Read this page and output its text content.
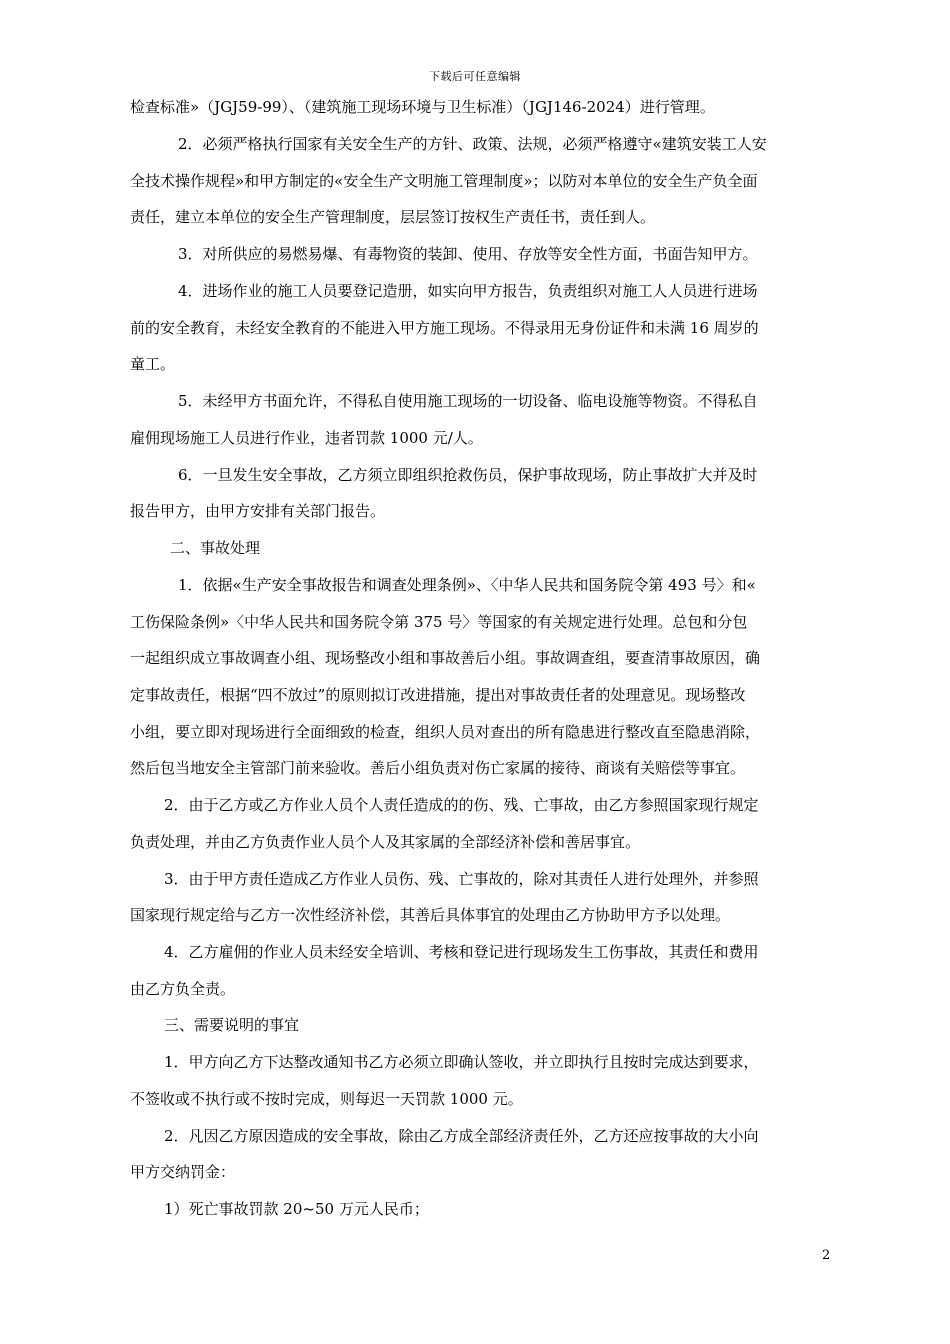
下载后可任意编辑
检查标准»（JGJ59-99）、（建筑施工现场环境与卫生标准）（JGJ146-2024）进行管理。
2．必须严格执行国家有关安全生产的方针、政策、法规，必须严格遵守«建筑安装工人安
全技术操作规程»和甲方制定的«安全生产文明施工管理制度»；以防对本单位的安全生产负全面
责任，建立本单位的安全生产管理制度，层层签订按权生产责任书，责任到人。
3．对所供应的易燃易爆、有毒物资的装卸、使用、存放等安全性方面，书面告知甲方。
4．进场作业的施工人员要登记造册，如实向甲方报告，负责组织对施工人人员进行进场
前的安全教育，未经安全教育的不能进入甲方施工现场。不得录用无身份证件和未满 16 周岁的
童工。
5．未经甲方书面允许，不得私自使用施工现场的一切设备、临电设施等物资。不得私自
雇佣现场施工人员进行作业，违者罚款 1000 元/人。
6．一旦发生安全事故，乙方须立即组织抢救伤员，保护事故现场，防止事故扩大并及时
报告甲方，由甲方安排有关部门报告。
二、事故处理
1．依据«生产安全事故报告和调查处理条例»、〈中华人民共和国务院令第 493 号〉和«
工伤保险条例»〈中华人民共和国务院令第 375 号〉等国家的有关规定进行处理。总包和分包
一起组织成立事故调查小组、现场整改小组和事故善后小组。事故调查组，要查清事故原因，确
定事故责任，根据“四不放过”的原则拟订改进措施，提出对事故责任者的处理意见。现场整改
小组，要立即对现场进行全面细致的检查，组织人员对查出的所有隐患进行整改直至隐患消除，
然后包当地安全主管部门前来验收。善后小组负责对伤亡家属的接待、商谈有关赔偿等事宜。
2．由于乙方或乙方作业人员个人责任造成的的伤、残、亡事故，由乙方参照国家现行规定
负责处理，并由乙方负责作业人员个人及其家属的全部经济补偿和善居事宜。
3．由于甲方责任造成乙方作业人员伤、残、亡事故的，除对其责任人进行处理外，并参照
国家现行规定给与乙方一次性经济补偿，其善后具体事宜的处理由乙方协助甲方予以处理。
4．乙方雇佣的作业人员未经安全培训、考核和登记进行现场发生工伤事故，其责任和费用
由乙方负全责。
三、需要说明的事宜
1．甲方向乙方下达整改通知书乙方必须立即确认签收，并立即执行且按时完成达到要求，
不签收或不执行或不按时完成，则每迟一天罚款 1000 元。
2．凡因乙方原因造成的安全事故，除由乙方成全部经济责任外，乙方还应按事故的大小向
甲方交纳罚金：
1）死亡事故罚款 20~50 万元人民币；
2
